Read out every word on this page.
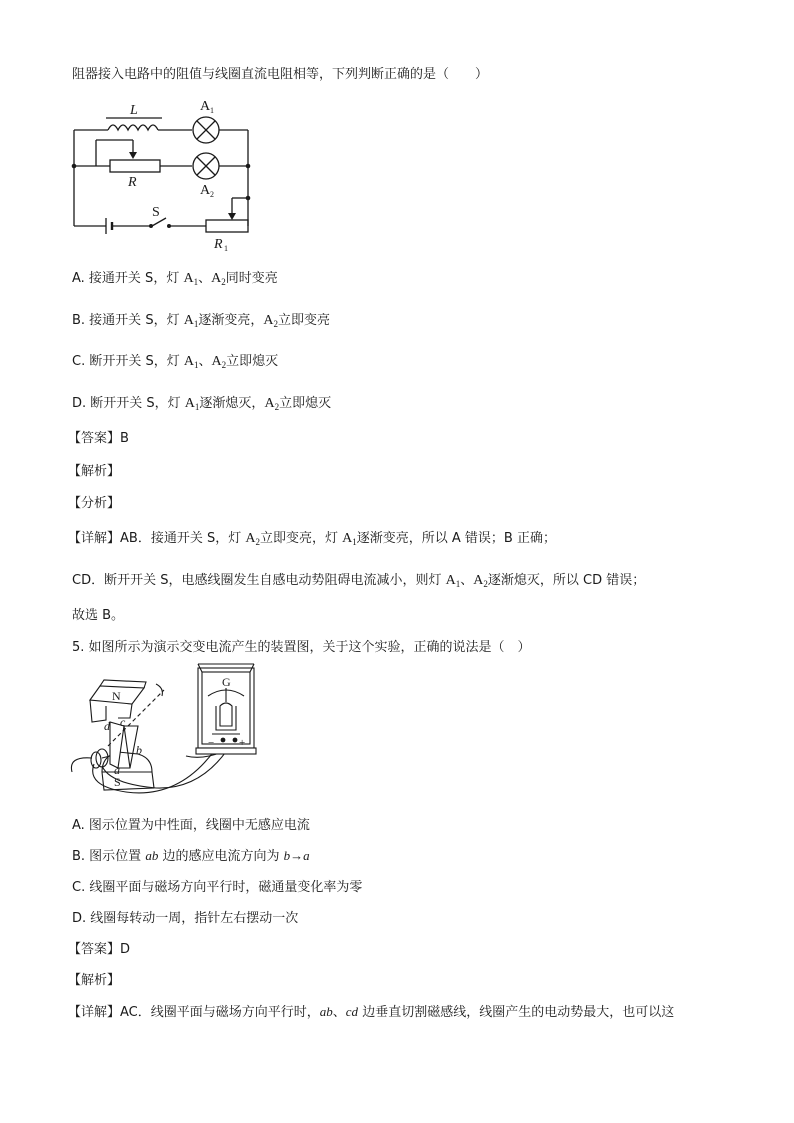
阻器接入电路中的阻值与线圈直流电阻相等，下列判断正确的是（　　）
L	A 1
R
A 2
S
R 1
A. 接通开关 S，灯 $A_1$、$A_2$同时变亮
B. 接通开关 S，灯 $A_1$逐渐变亮，$A_2$立即变亮
C. 断开开关 S，灯 $A_1$、$A_2$立即熄灭
D. 断开开关 S，灯 $A_1$逐渐熄灭，$A_2$立即熄灭
【答案】B
【解析】
【分析】
【详解】AB．接通开关 S，灯 $A_2$立即变亮，灯 $A_1$逐渐变亮，所以 A 错误；B 正确；
CD．断开开关 S，电感线圈发生自感电动势阻碍电流减小，则灯 $A_1$、$A_2$逐渐熄灭，所以 CD 错误；
故选 B。
5. 如图所示为演示交变电流产生的装置图，关于这个实验，正确的说法是（　）
N
S
d c
b
a
G
− +
A. 图示位置为中性面，线圈中无感应电流
B. 图示位置 ab 边的感应电流方向为 b→a
C. 线圈平面与磁场方向平行时，磁通量变化率为零
D. 线圈每转动一周，指针左右摆动一次
【答案】D
【解析】
【详解】AC．线圈平面与磁场方向平行时，ab、cd 边垂直切割磁感线，线圈产生的电动势最大，也可以这
